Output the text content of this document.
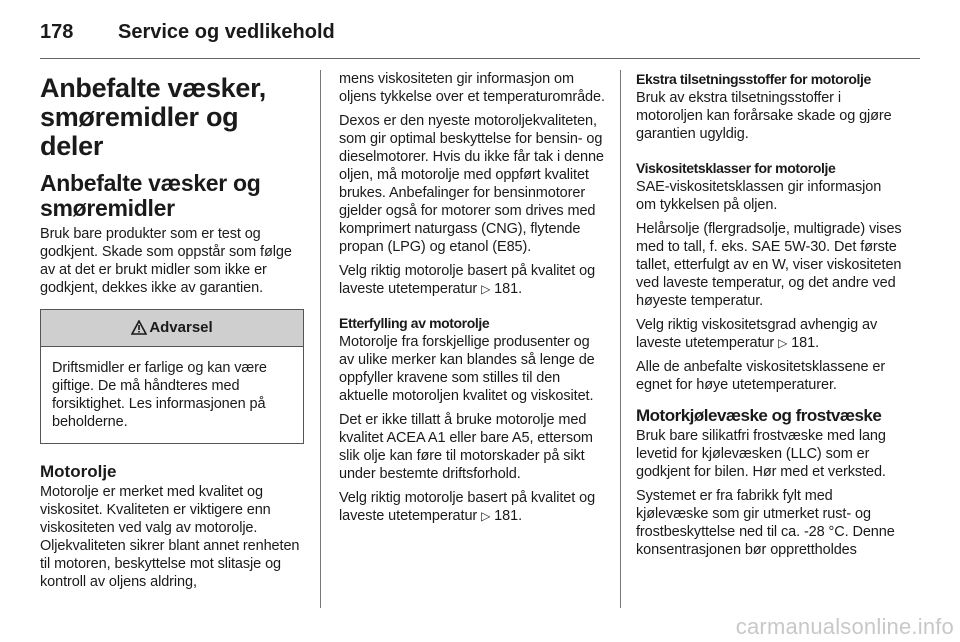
178 Service og vedlikehold
Anbefalte væsker, smøremidler og deler
Anbefalte væsker og smøremidler

Bruk bare produkter som er test og godkjent. Skade som oppstår som følge av at det er brukt midler som ikke er godkjent, dekkes ikke av garantien.

Advarsel

Driftsmidler er farlige og kan være giftige. De må håndteres med forsiktighet. Les informasjonen på beholderne.

Motorolje

Motorolje er merket med kvalitet og viskositet. Kvaliteten er viktigere enn viskositeten ved valg av motorolje. Oljekvaliteten sikrer blant annet renheten til motoren, beskyttelse mot slitasje og kontroll av oljens aldring,

mens viskositeten gir informasjon om oljens tykkelse over et temperaturområde.

Dexos er den nyeste motoroljekvaliteten, som gir optimal beskyttelse for bensin- og dieselmotorer. Hvis du ikke får tak i denne oljen, må motorolje med oppført kvalitet brukes. Anbefalinger for bensinmotorer gjelder også for motorer som drives med komprimert naturgass (CNG), flytende propan (LPG) og etanol (E85).

Velg riktig motorolje basert på kvalitet og laveste utetemperatur ▷ 181.

Etterfylling av motorolje

Motorolje fra forskjellige produsenter og av ulike merker kan blandes så lenge de oppfyller kravene som stilles til den aktuelle motoroljen kvalitet og viskositet.

Det er ikke tillatt å bruke motorolje med kvalitet ACEA A1 eller bare A5, ettersom slik olje kan føre til motorskader på sikt under bestemte driftsforhold.

Velg riktig motorolje basert på kvalitet og laveste utetemperatur ▷ 181.

Ekstra tilsetningsstoffer for motorolje

Bruk av ekstra tilsetningsstoffer i motoroljen kan forårsake skade og gjøre garantien ugyldig.

Viskositetsklasser for motorolje

SAE-viskositetsklassen gir informasjon om tykkelsen på oljen.

Helårsolje (flergradsolje, multigrade) vises med to tall, f. eks. SAE 5W-30. Det første tallet, etterfulgt av en W, viser viskositeten ved laveste temperatur, og det andre ved høyeste temperatur.

Velg riktig viskositetsgrad avhengig av laveste utetemperatur ▷ 181.

Alle de anbefalte viskositetsklassene er egnet for høye utetemperaturer.

Motorkjølevæske og frostvæske

Bruk bare silikatfri frostvæske med lang levetid for kjølevæsken (LLC) som er godkjent for bilen. Hør med et verksted.

Systemet er fra fabrikk fylt med kjølevæske som gir utmerket rust- og frostbeskyttelse ned til ca. -28 °C. Denne konsentrasjonen bør opprettholdes

carmanualsonline.info
